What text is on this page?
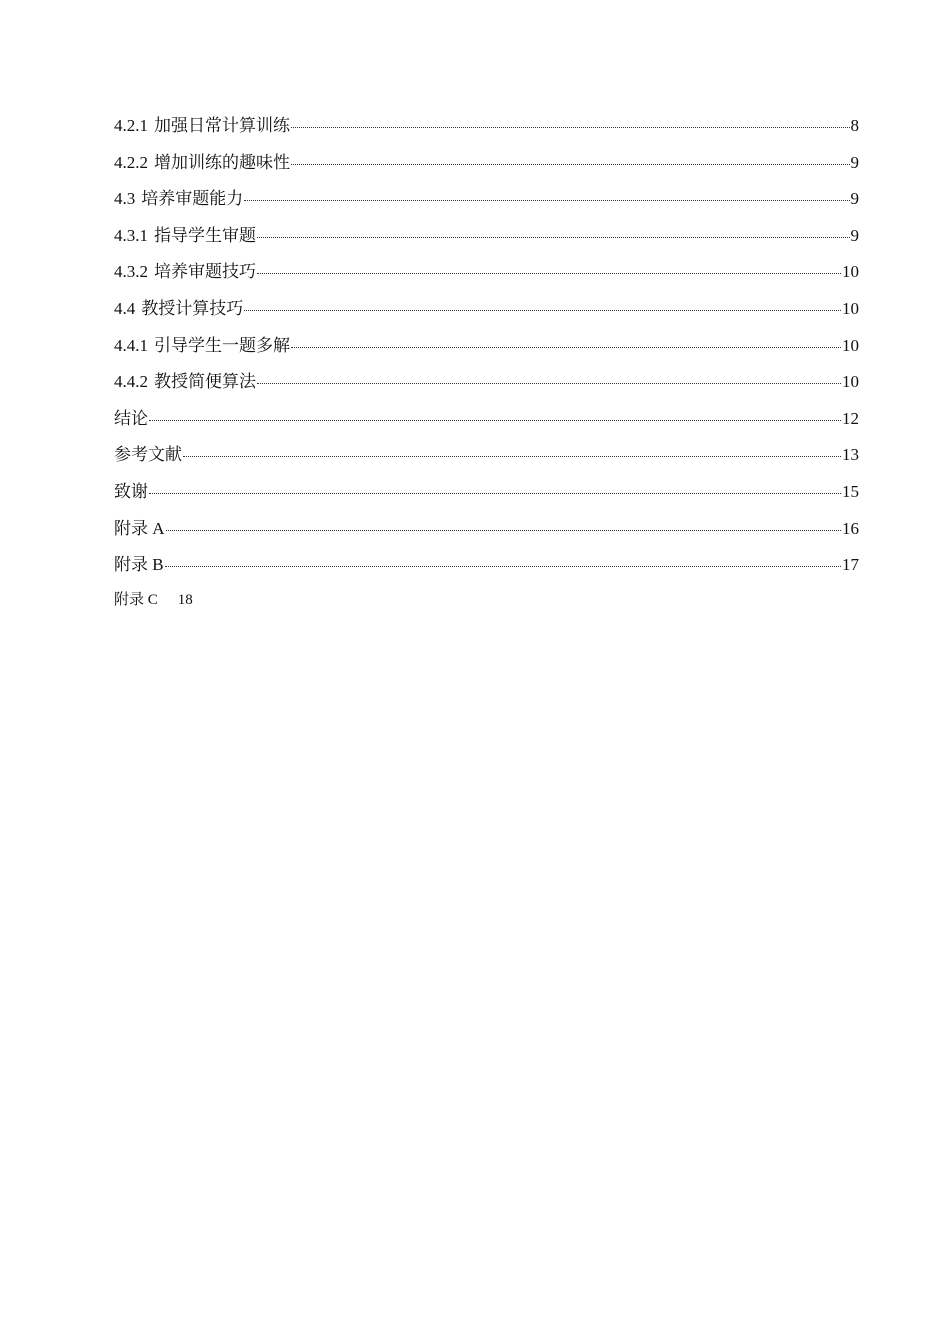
4.2.1 加强日常计算训练	8
4.2.2 增加训练的趣味性	9
4.3 培养审题能力	9
4.3.1 指导学生审题	9
4.3.2 培养审题技巧	10
4.4 教授计算技巧	10
4.4.1 引导学生一题多解	10
4.4.2 教授简便算法	10
结论	12
参考文献	13
致谢	15
附录 A	16
附录 B	17
附录 C 18
